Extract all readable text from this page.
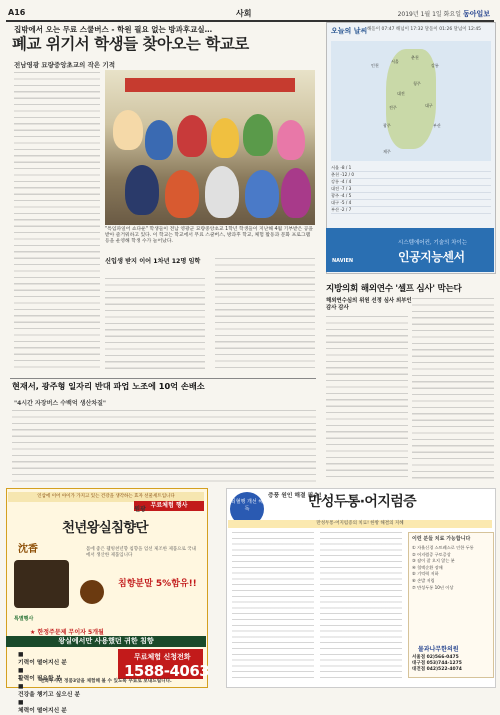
A16	사회	2019년 1월 1일 화요일 동아일보
집밖에서 오는 무료 스쿨버스 - 학원 필요 없는 방과후교실…
폐교 위기서 학생들 찾아오는 학교로
전남영광 묘량중앙초교의 작은 기적
"특임파일어 쇼다운" 학생들이 전남 영광군 묘량중앙초교 1학년 학생들이 지난해 4월 기부받은 공을 받아 즐거워하고 있다. 이 학교는 학교에서 무료 스쿨버스, 방과후 학교, 체험 활동과 문화 프로그램 등을 운영해 학생 수가 늘어났다.
신입생 받지 이어 1차년 12명 임학
현재서, 광주형 일자리 반대 파업 노조에 10억 손배소
"4시간 자장버스 수백억 생산차질"
오늘의 날씨 해돋이 07:47 해넘이 17:32 달돋이 01:26 달넘이 12:45
서울
인천
춘천
강릉
대전
청주
전주
광주
대구
부산
제주
서울 -8 / 1
춘천 -12 / 0
강릉 -4 / 4
대전 -7 / 3
광주 -4 / 5
대구 -5 / 4
부산 -2 / 7
시스템에어컨, 기술의 차이는
인공지능센서
NAVIEN
지방의회 해외연수 '셀프 심사' 막는다
해외연수심의 위원 선정 심사 외부인 감사 감사
인삼에 이어 아이가 가지고 있는 건강을 생각하는 효자 선물세트입니다
무료체험 행사
원광
천년왕실침향단
沈香	몸에 좋은 웰빙천년향 침향을 엄선 제조한 제품으로 국내에서 생산한 제품입니다
침향분말 5%함유!!
특별행사
★ 한정주문제 무이자 5개월
왕실에서만 사용했던 귀한 침향
■
기력이 떨어지신 분
■
활력이 필요한 분
■
건강을 챙기고 싶으신 분
■
체력이 떨어지신 분
무료체험 신청전화
1588-4063
전화주시면 정품3알을 체험해 볼 수 있도록 무료로 보내드립니다.
뇌혈행 개선 해독
증풍 원인 해결 필수!
만성두통·어지럼증
만성두통·어지럼증의 치료! 한방 해결의 지혜
이런 분들 치료 가능합니다
① 자율신경 스트레스로 인한 두통
② 어지럼증 구토증상
③ 잠이 잘 오지 않는 분
④ 혈액순환 장애
⑤ 기억력 저하
⑥ 손발 저림
⑦ 만성두통 10년 이상
물과나무한의원
서울점 02)566-0475
대구점 053)744-1275
대전점 042)522-4074
